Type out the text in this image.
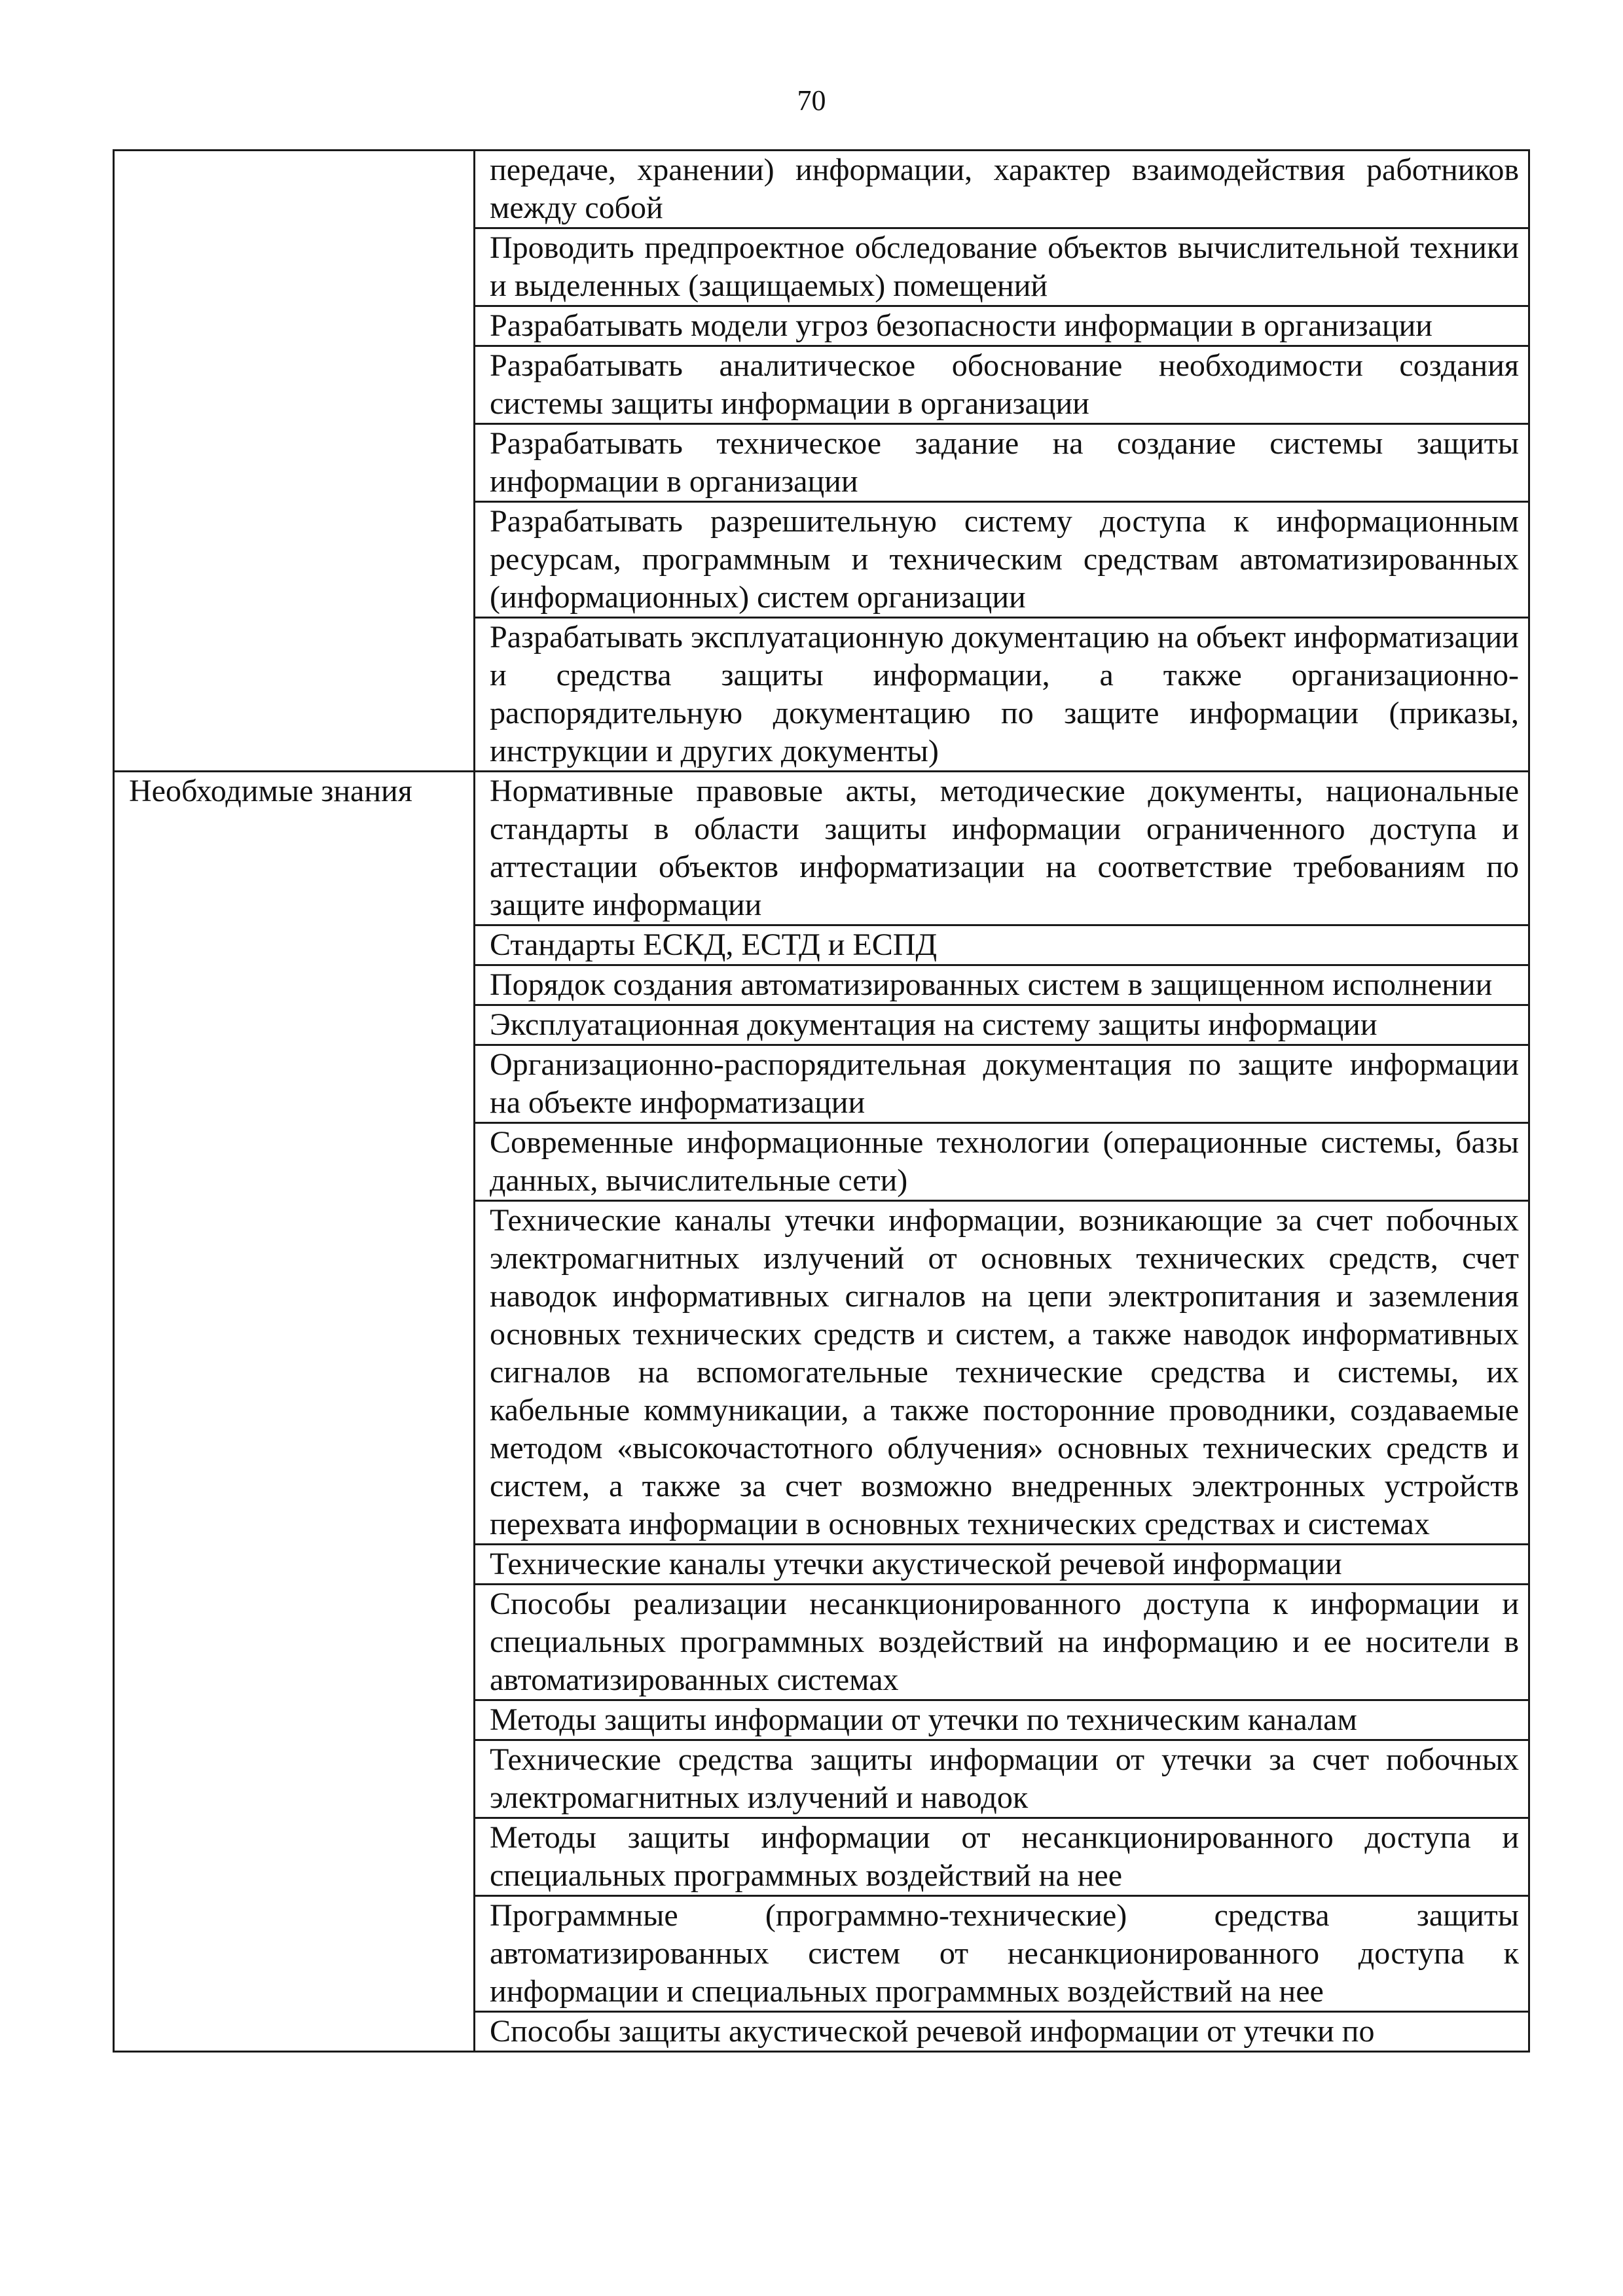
70
	передаче, хранении) информации, характер взаимодействия работников между собой
	Проводить предпроектное обследование объектов вычислительной техники и выделенных (защищаемых) помещений
	Разрабатывать модели угроз безопасности информации в организации
	Разрабатывать аналитическое обоснование необходимости создания системы защиты информации в организации
	Разрабатывать техническое задание на создание системы защиты информации в организации
	Разрабатывать разрешительную систему доступа к информационным ресурсам, программным и техническим средствам автоматизированных (информационных) систем организации
	Разрабатывать эксплуатационную документацию на объект информатизации и средства защиты информации, а также организационно-распорядительную документацию по защите информации (приказы, инструкции и других документы)
Необходимые знания	Нормативные правовые акты, методические документы, национальные стандарты в области защиты информации ограниченного доступа и аттестации объектов информатизации на соответствие требованиям по защите информации
	Стандарты ЕСКД, ЕСТД и ЕСПД
	Порядок создания автоматизированных систем в защищенном исполнении
	Эксплуатационная документация на систему защиты информации
	Организационно-распорядительная документация по защите информации на объекте информатизации
	Современные информационные технологии (операционные системы, базы данных, вычислительные сети)
	Технические каналы утечки информации, возникающие за счет побочных электромагнитных излучений от основных технических средств, счет наводок информативных сигналов на цепи электропитания и заземления основных технических средств и систем, а также наводок информативных сигналов на вспомогательные технические средства и системы, их кабельные коммуникации, а также посторонние проводники, создаваемые методом «высокочастотного облучения» основных технических средств и систем, а также за счет возможно внедренных электронных устройств перехвата информации в основных технических средствах и системах
	Технические каналы утечки акустической речевой информации
	Способы реализации несанкционированного доступа к информации и специальных программных воздействий на информацию и ее носители в автоматизированных системах
	Методы защиты информации от утечки по техническим каналам
	Технические средства защиты информации от утечки за счет побочных электромагнитных излучений и наводок
	Методы защиты информации от несанкционированного доступа и специальных программных воздействий на нее
	Программные (программно-технические) средства защиты автоматизированных систем от несанкционированного доступа к информации и специальных программных воздействий на нее
	Способы защиты акустической речевой информации от утечки по
